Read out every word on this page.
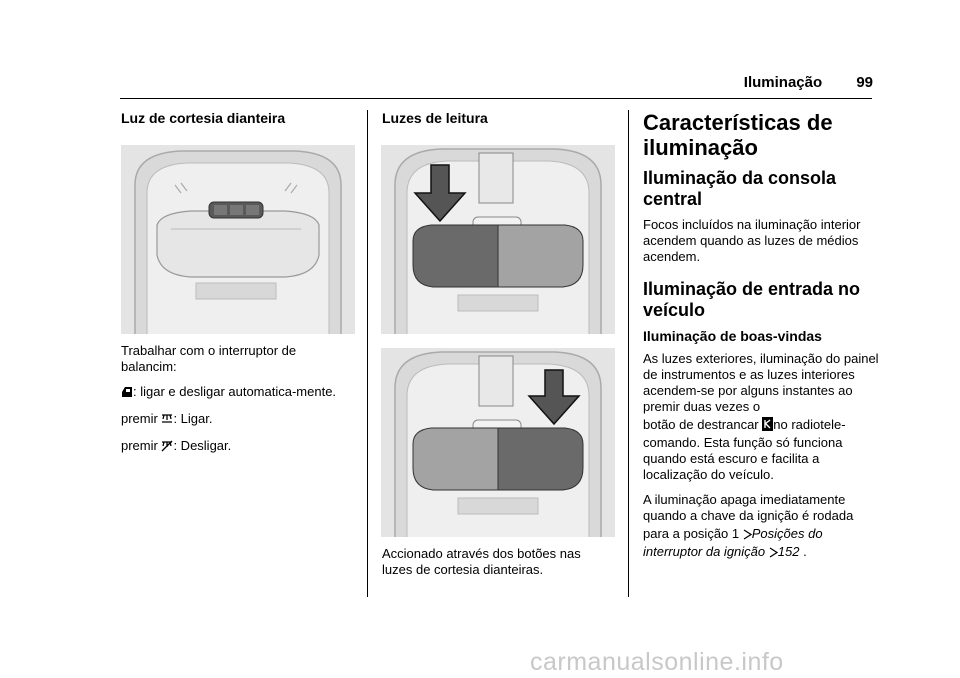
Iluminação 99
Luz de cortesia dianteira

Trabalhar com o interruptor de balancim:

: ligar e desligar automatica-mente.

premir : Ligar.

premir : Desligar.

Luzes de leitura

Accionado através dos botões nas luzes de cortesia dianteiras.

Características de iluminação
Iluminação da consola central

Focos incluídos na iluminação interior acendem quando as luzes de médios acendem.

Iluminação de entrada no veículo
Iluminação de boas-vindas

As luzes exteriores, iluminação do painel de instrumentos e as luzes interiores acendem-se por alguns instantes ao premir duas vezes o

botão de destrancar no radiotele-comando. Esta função só funciona quando está escuro e facilita a localização do veículo.

A iluminação apaga imediatamente quando a chave da ignição é rodada

para a posição 1 Posições do interruptor da ignição 152 .

carmanualsonline.info
